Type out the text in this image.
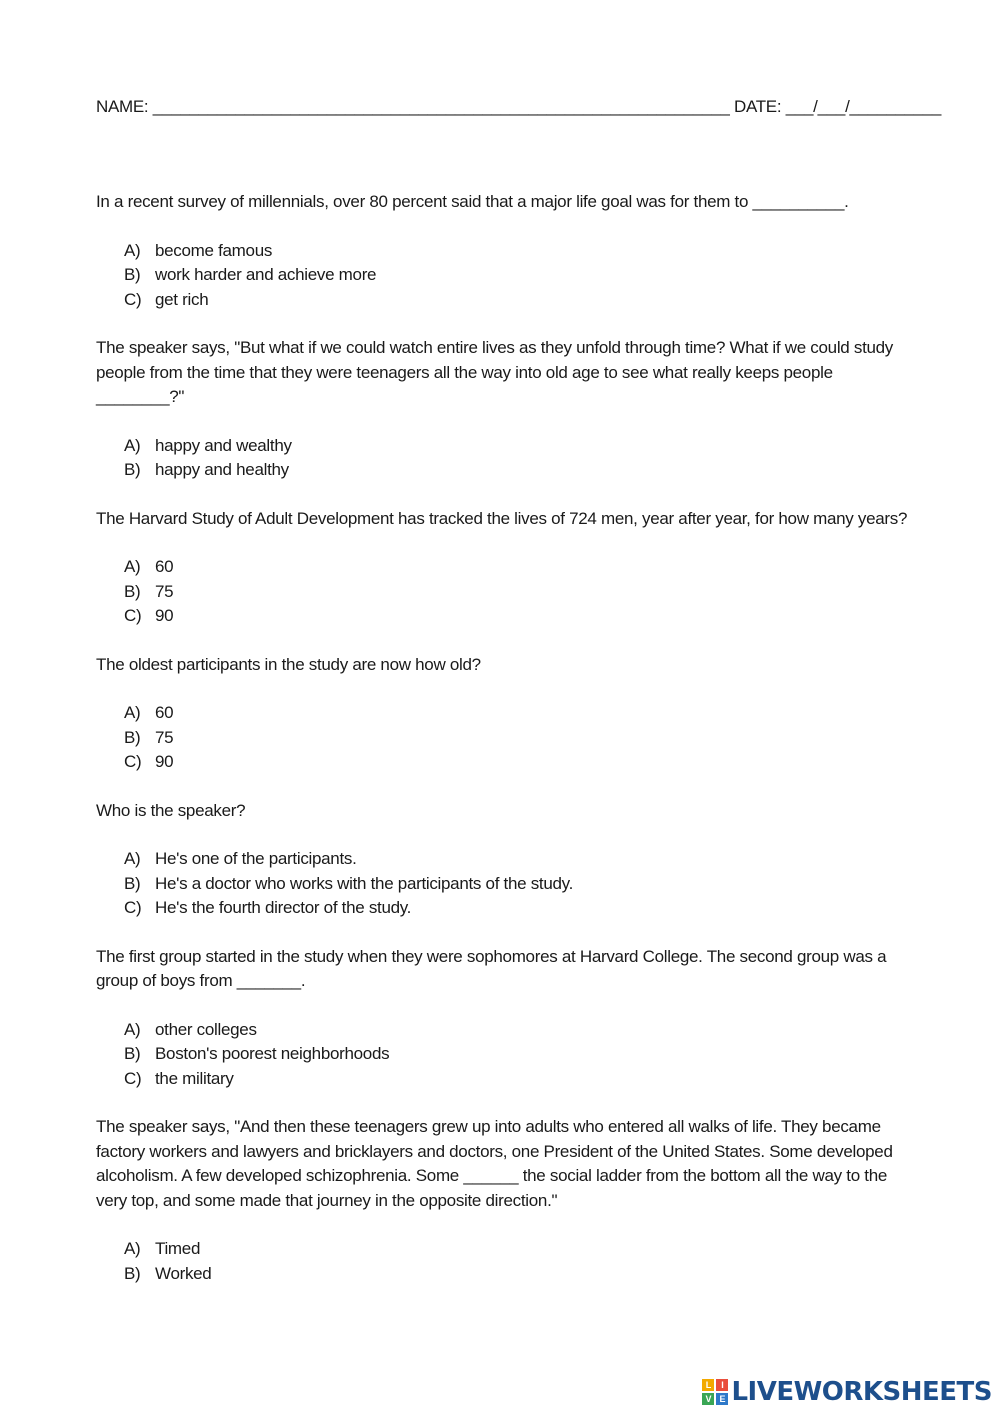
NAME: _______________________________________________________________ DATE: ___/___/__________

In a recent survey of millennials, over 80 percent said that a major life goal was for them to __________.

A) become famous
B) work harder and achieve more
C) get rich

The speaker says, "But what if we could watch entire lives as they unfold through time? What if we could study people from the time that they were teenagers all the way into old age to see what really keeps people ________?"

A) happy and wealthy
B) happy and healthy

The Harvard Study of Adult Development has tracked the lives of 724 men, year after year, for how many years?

A) 60
B) 75
C) 90

The oldest participants in the study are now how old?

A) 60
B) 75
C) 90

Who is the speaker?

A) He's one of the participants.
B) He's a doctor who works with the participants of the study.
C) He's the fourth director of the study.

The first group started in the study when they were sophomores at Harvard College. The second group was a group of boys from _______.

A) other colleges
B) Boston's poorest neighborhoods
C) the military

The speaker says, "And then these teenagers grew up into adults who entered all walks of life. They became factory workers and lawyers and bricklayers and doctors, one President of the United States. Some developed alcoholism. A few developed schizophrenia. Some ______ the social ladder from the bottom all the way to the very top, and some made that journey in the opposite direction."

A) Timed
B) Worked
L	I
V E LIVEWORKSHEETS
